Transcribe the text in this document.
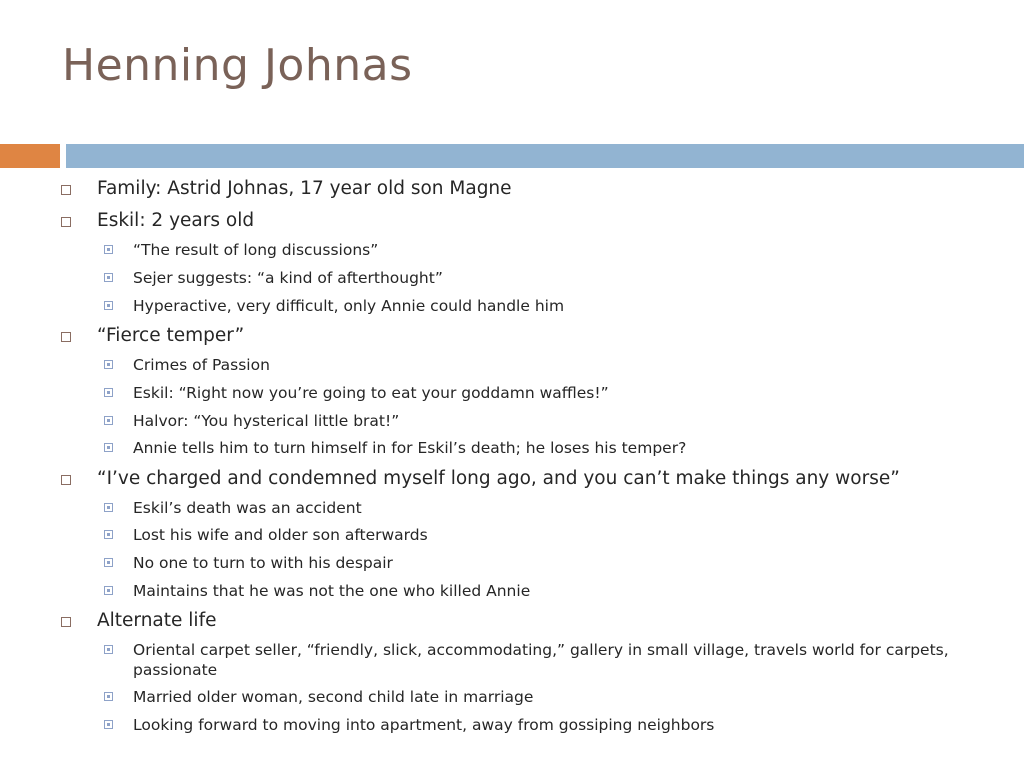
Henning Johnas
Family: Astrid Johnas, 17 year old son Magne
Eskil: 2 years old
“The result of long discussions”
Sejer suggests: “a kind of afterthought”
Hyperactive, very difficult, only Annie could handle him
“Fierce temper”
Crimes of Passion
Eskil: “Right now you’re going to eat your goddamn waffles!”
Halvor: “You hysterical little brat!”
Annie tells him to turn himself in for Eskil’s death; he loses his temper?
“I’ve charged and condemned myself long ago, and you can’t make things any worse”
Eskil’s death was an accident
Lost his wife and older son afterwards
No one to turn to with his despair
Maintains that he was not the one who killed Annie
Alternate life
Oriental carpet seller, “friendly, slick, accommodating,” gallery in small village, travels world for carpets, passionate
Married older woman, second child late in marriage
Looking forward to moving into apartment, away from gossiping neighbors
